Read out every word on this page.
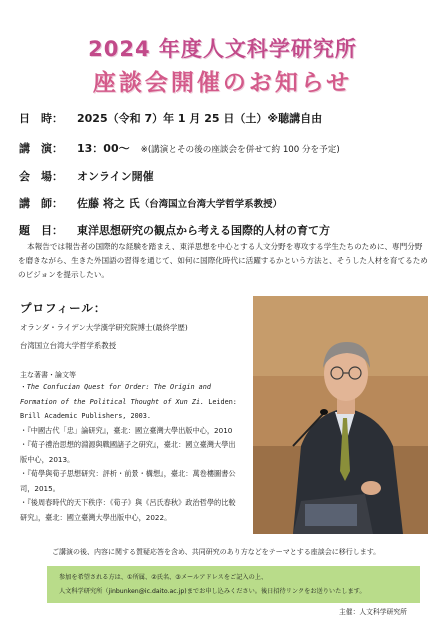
2024 年度人文科学研究所
座談会開催のお知らせ
日　時： 2025（令和 7）年 1 月 25 日（土）※聴講自由
講　演： 13：00〜　※(講演とその後の座談会を併せて約 100 分を予定)
会　場： オンライン開催
講　師： 佐藤 将之 氏（台湾国立台湾大学哲学系教授）
題　目： 東洋思想研究の観点から考える国際的人材の育て方
本報告では報告者の国際的な経験を踏まえ、東洋思想を中心とする人文分野を専攻する学生たちのために、専門分野を磨きながら、生きた外国語の習得を通じて、如何に国際化時代に活躍するかという方法と、そうした人材を育てるためのビジョンを提示したい。
プロフィール：
オランダ・ライデン大学漢学研究院博士(最終学歴)
台湾国立台湾大学哲学系教授
主な著書・論文等
・The Confucian Quest for Order: The Origin and Formation of the Political Thought of Xun Zi. Leiden: Brill Academic Publishers, 2003.
・『中國古代「忠」論研究』，臺北：國立臺灣大學出版中心，2010
・『荀子禮治思想的淵源與戰國諸子之研究』，臺北：國立臺灣大學出版中心，2013。
・『荀學與荀子思想研究：評析・前景・構想』，臺北：萬卷樓圖書公司，2015。
・『後周春時代的天下秩序：《荀子》與《呂氏春秋》政治哲學的比較研究』，臺北：國立臺灣大學出版中心，2022。
ご講演の後、内容に関する質疑応答を含め、共同研究のあり方などをテーマとする座談会に移行します。
参加を希望される方は、①所属、②氏名、③メールアドレスをご記入の上、
人文科学研究所（jinbunken@ic.daito.ac.jp)までお申し込みください。後日招待リンクをお送りいたします。
主催：人文科学研究所
